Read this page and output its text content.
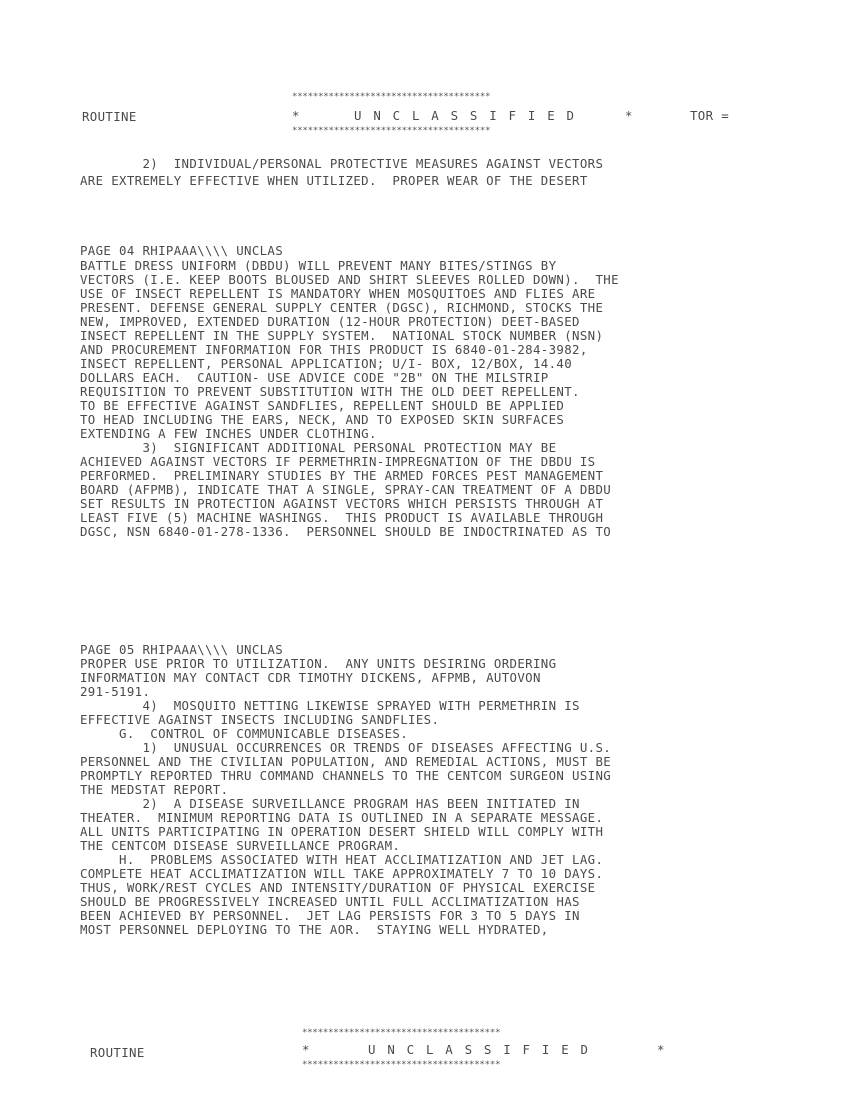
**************************************
ROUTINE	*	U N C L A S S I F I E D	*	TOR =
**************************************
2)  INDIVIDUAL/PERSONAL PROTECTIVE MEASURES AGAINST VECTORS
ARE EXTREMELY EFFECTIVE WHEN UTILIZED.  PROPER WEAR OF THE DESERT
PAGE 04 RHIPAAA\\\\ UNCLAS
BATTLE DRESS UNIFORM (DBDU) WILL PREVENT MANY BITES/STINGS BY
VECTORS (I.E. KEEP BOOTS BLOUSED AND SHIRT SLEEVES ROLLED DOWN).  THE
USE OF INSECT REPELLENT IS MANDATORY WHEN MOSQUITOES AND FLIES ARE
PRESENT. DEFENSE GENERAL SUPPLY CENTER (DGSC), RICHMOND, STOCKS THE
NEW, IMPROVED, EXTENDED DURATION (12-HOUR PROTECTION) DEET-BASED
INSECT REPELLENT IN THE SUPPLY SYSTEM.  NATIONAL STOCK NUMBER (NSN)
AND PROCUREMENT INFORMATION FOR THIS PRODUCT IS 6840-01-284-3982,
INSECT REPELLENT, PERSONAL APPLICATION; U/I- BOX, 12/BOX, 14.40
DOLLARS EACH.  CAUTION- USE ADVICE CODE "2B" ON THE MILSTRIP
REQUISITION TO PREVENT SUBSTITUTION WITH THE OLD DEET REPELLENT.
TO BE EFFECTIVE AGAINST SANDFLIES, REPELLENT SHOULD BE APPLIED
TO HEAD INCLUDING THE EARS, NECK, AND TO EXPOSED SKIN SURFACES
EXTENDING A FEW INCHES UNDER CLOTHING.
3)  SIGNIFICANT ADDITIONAL PERSONAL PROTECTION MAY BE
ACHIEVED AGAINST VECTORS IF PERMETHRIN-IMPREGNATION OF THE DBDU IS
PERFORMED.  PRELIMINARY STUDIES BY THE ARMED FORCES PEST MANAGEMENT
BOARD (AFPMB), INDICATE THAT A SINGLE, SPRAY-CAN TREATMENT OF A DBDU
SET RESULTS IN PROTECTION AGAINST VECTORS WHICH PERSISTS THROUGH AT
LEAST FIVE (5) MACHINE WASHINGS.  THIS PRODUCT IS AVAILABLE THROUGH
DGSC, NSN 6840-01-278-1336.  PERSONNEL SHOULD BE INDOCTRINATED AS TO
PAGE 05 RHIPAAA\\\\ UNCLAS
PROPER USE PRIOR TO UTILIZATION.  ANY UNITS DESIRING ORDERING
INFORMATION MAY CONTACT CDR TIMOTHY DICKENS, AFPMB, AUTOVON
291-5191.
4)  MOSQUITO NETTING LIKEWISE SPRAYED WITH PERMETHRIN IS
EFFECTIVE AGAINST INSECTS INCLUDING SANDFLIES.
G.  CONTROL OF COMMUNICABLE DISEASES.
1)  UNUSUAL OCCURRENCES OR TRENDS OF DISEASES AFFECTING U.S.
PERSONNEL AND THE CIVILIAN POPULATION, AND REMEDIAL ACTIONS, MUST BE
PROMPTLY REPORTED THRU COMMAND CHANNELS TO THE CENTCOM SURGEON USING
THE MEDSTAT REPORT.
2)  A DISEASE SURVEILLANCE PROGRAM HAS BEEN INITIATED IN
THEATER.  MINIMUM REPORTING DATA IS OUTLINED IN A SEPARATE MESSAGE.
ALL UNITS PARTICIPATING IN OPERATION DESERT SHIELD WILL COMPLY WITH
THE CENTCOM DISEASE SURVEILLANCE PROGRAM.
H.  PROBLEMS ASSOCIATED WITH HEAT ACCLIMATIZATION AND JET LAG.
COMPLETE HEAT ACCLIMATIZATION WILL TAKE APPROXIMATELY 7 TO 10 DAYS.
THUS, WORK/REST CYCLES AND INTENSITY/DURATION OF PHYSICAL EXERCISE
SHOULD BE PROGRESSIVELY INCREASED UNTIL FULL ACCLIMATIZATION HAS
BEEN ACHIEVED BY PERSONNEL.  JET LAG PERSISTS FOR 3 TO 5 DAYS IN
MOST PERSONNEL DEPLOYING TO THE AOR.  STAYING WELL HYDRATED,
**************************************
ROUTINE	*	U N C L A S S I F I E D	*
**************************************
